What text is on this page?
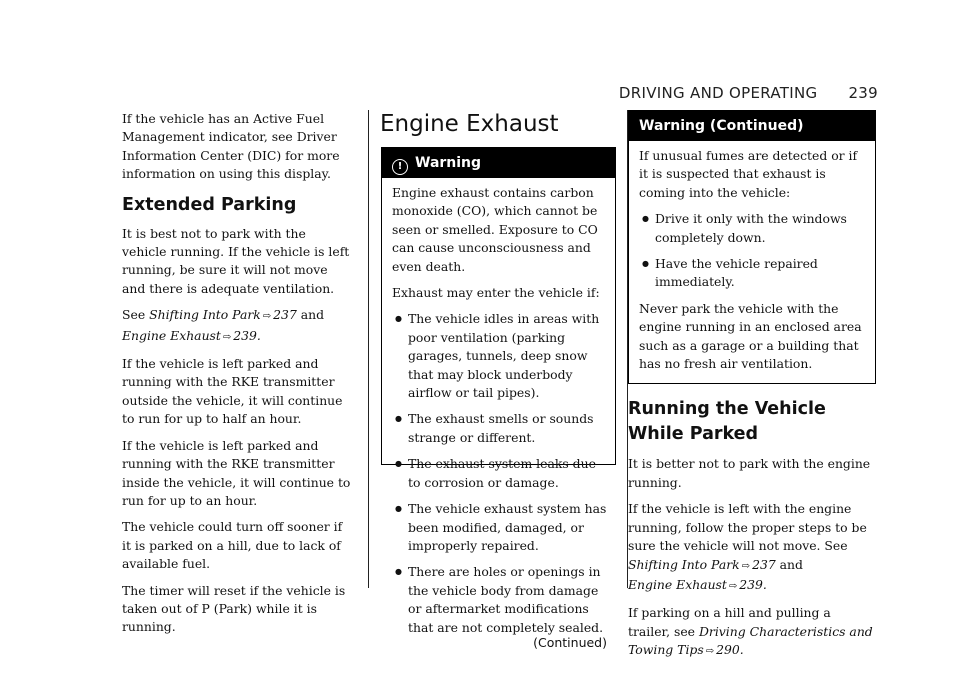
DRIVING AND OPERATING 239

If the vehicle has an Active Fuel Management indicator, see Driver Information Center (DIC) for more information on using this display.

Extended Parking

It is best not to park with the vehicle running. If the vehicle is left running, be sure it will not move and there is adequate ventilation.

See Shifting Into Park ⇨ 237 and
Engine Exhaust ⇨ 239.

If the vehicle is left parked and running with the RKE transmitter outside the vehicle, it will continue to run for up to half an hour.

If the vehicle is left parked and running with the RKE transmitter inside the vehicle, it will continue to run for up to an hour.

The vehicle could turn off sooner if it is parked on a hill, due to lack of available fuel.

The timer will reset if the vehicle is taken out of P (Park) while it is running.

Engine Exhaust
! Warning

Engine exhaust contains carbon monoxide (CO), which cannot be seen or smelled. Exposure to CO can cause unconsciousness and even death.

Exhaust may enter the vehicle if:

● The vehicle idles in areas with poor ventilation (parking garages, tunnels, deep snow that may block underbody airflow or tail pipes).
● The exhaust smells or sounds strange or different.
● The exhaust system leaks due to corrosion or damage.
● The vehicle exhaust system has been modified, damaged, or improperly repaired.
● There are holes or openings in the vehicle body from damage or aftermarket modifications that are not completely sealed.
(Continued)
Warning (Continued)

If unusual fumes are detected or if it is suspected that exhaust is coming into the vehicle:

● Drive it only with the windows completely down.
● Have the vehicle repaired immediately.

Never park the vehicle with the engine running in an enclosed area such as a garage or a building that has no fresh air ventilation.

Running the Vehicle While Parked

It is better not to park with the engine running.

If the vehicle is left with the engine running, follow the proper steps to be sure the vehicle will not move. See
Shifting Into Park ⇨ 237 and
Engine Exhaust ⇨ 239.

If parking on a hill and pulling a trailer, see Driving Characteristics and Towing Tips ⇨ 290.
